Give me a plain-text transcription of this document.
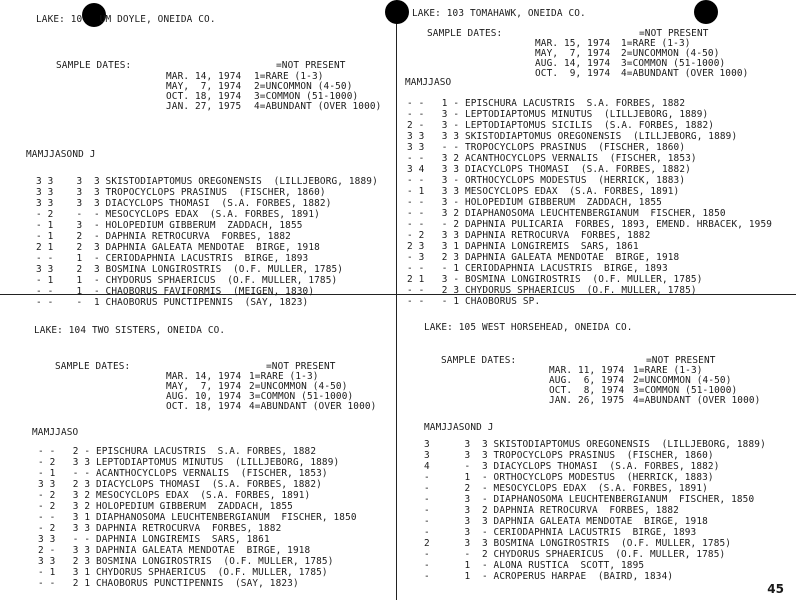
LAKE: 10   UM DOYLE, ONEIDA CO.
SAMPLE DATES:	=NOT PRESENT
MAR. 14, 1974 1=RARE (1-3)
MAY,  7, 1974 2=UNCOMMON (4-50)
OCT. 18, 1974 3=COMMON (51-1000)
JAN. 27, 1975 4=ABUNDANT (OVER 1000)
MAMJJASOND J
3 3    3  3 SKISTODIAPTOMUS OREGONENSIS  (LILLJEBORG, 1889)
3 3    3  3 TROPOCYCLOPS PRASINUS  (FISCHER, 1860)
3 3    3  3 DIACYCLOPS THOMASI  (S.A. FORBES, 1882)
- 2    -  - MESOCYCLOPS EDAX  (S.A. FORBES, 1891)
- 1    3  - HOLOPEDIUM GIBBERUM  ZADDACH, 1855
- 1    2  - DAPHNIA RETROCURVA  FORBES, 1882
2 1    2  3 DAPHNIA GALEATA MENDOTAE  BIRGE, 1918
- -    1  - CERIODAPHNIA LACUSTRIS  BIRGE, 1893
3 3    2  3 BOSMINA LONGIROSTRIS  (O.F. MULLER, 1785)
- 1    1  - CHYDORUS SPHAERICUS  (O.F. MULLER, 1785)
- -    1  - CHAOBORUS FAVIFORMIS  (MEIGEN, 1830)
- -    -  1 CHAOBORUS PUNCTIPENNIS  (SAY, 1823)
LAKE: 103 TOMAHAWK, ONEIDA CO.
SAMPLE DATES:	=NOT PRESENT
MAR. 15, 1974 1=RARE (1-3)
MAY,  7, 1974 2=UNCOMMON (4-50)
AUG. 14, 1974 3=COMMON (51-1000)
OCT.  9, 1974 4=ABUNDANT (OVER 1000)
MAMJJASO
- -   1 - EPISCHURA LACUSTRIS  S.A. FORBES, 1882
- -   3 - LEPTODIAPTOMUS MINUTUS  (LILLJEBORG, 1889)
2 -   3 - LEPTODIAPTOMUS SICILIS  (S.A. FORBES, 1882)
3 3   3 3 SKISTODIAPTOMUS OREGONENSIS  (LILLJEBORG, 1889)
3 3   - - TROPOCYCLOPS PRASINUS  (FISCHER, 1860)
- -   3 2 ACANTHOCYCLOPS VERNALIS  (FISCHER, 1853)
3 4   3 3 DIACYCLOPS THOMASI  (S.A. FORBES, 1882)
- -   3 - ORTHOCYCLOPS MODESTUS  (HERRICK, 1883)
- 1   3 3 MESOCYCLOPS EDAX  (S.A. FORBES, 1891)
- -   3 - HOLOPEDIUM GIBBERUM  ZADDACH, 1855
- -   3 2 DIAPHANOSOMA LEUCHTENBERGIANUM  FISCHER, 1850
- -   - 2 DAPHNIA PULICARIA  FORBES, 1893, EMEND. HRBACEK, 1959
- 2   3 3 DAPHNIA RETROCURVA  FORBES, 1882
2 3   3 1 DAPHNIA LONGIREMIS  SARS, 1861
- 3   2 3 DAPHNIA GALEATA MENDOTAE  BIRGE, 1918
- -   - 1 CERIODAPHNIA LACUSTRIS  BIRGE, 1893
2 1   3 - BOSMINA LONGIROSTRIS  (O.F. MULLER, 1785)
- -   2 3 CHYDORUS SPHAERICUS  (O.F. MULLER, 1785)
- -   - 1 CHAOBORUS SP.
LAKE: 104 TWO SISTERS, ONEIDA CO.
SAMPLE DATES:	=NOT PRESENT
MAR. 14, 1974 1=RARE (1-3)
MAY,  7, 1974 2=UNCOMMON (4-50)
AUG. 10, 1974 3=COMMON (51-1000)
OCT. 18, 1974 4=ABUNDANT (OVER 1000)
MAMJJASO
- -   2 - EPISCHURA LACUSTRIS  S.A. FORBES, 1882
- 2   3 3 LEPTODIAPTOMUS MINUTUS  (LILLJEBORG, 1889)
- 1   - - ACANTHOCYCLOPS VERNALIS  (FISCHER, 1853)
3 3   2 3 DIACYCLOPS THOMASI  (S.A. FORBES, 1882)
- 2   3 2 MESOCYCLOPS EDAX  (S.A. FORBES, 1891)
- 2   3 2 HOLOPEDIUM GIBBERUM  ZADDACH, 1855
- -   3 1 DIAPHANOSOMA LEUCHTENBERGIANUM  FISCHER, 1850
- 2   3 3 DAPHNIA RETROCURVA  FORBES, 1882
3 3   - - DAPHNIA LONGIREMIS  SARS, 1861
2 -   3 3 DAPHNIA GALEATA MENDOTAE  BIRGE, 1918
3 3   2 3 BOSMINA LONGIROSTRIS  (O.F. MULLER, 1785)
- 1   3 1 CHYDORUS SPHAERICUS  (O.F. MULLER, 1785)
- -   2 1 CHAOBORUS PUNCTIPENNIS  (SAY, 1823)
LAKE: 105 WEST HORSEHEAD, ONEIDA CO.
SAMPLE DATES:	=NOT PRESENT
MAR. 11, 1974 1=RARE (1-3)
AUG.  6, 1974 2=UNCOMMON (4-50)
OCT.  8, 1974 3=COMMON (51-1000)
JAN. 26, 1975 4=ABUNDANT (OVER 1000)
MAMJJASOND J
3      3  3 SKISTODIAPTOMUS OREGONENSIS  (LILLJEBORG, 1889)
3      3  3 TROPOCYCLOPS PRASINUS  (FISCHER, 1860)
4      -  3 DIACYCLOPS THOMASI  (S.A. FORBES, 1882)
-      1  - ORTHOCYCLOPS MODESTUS  (HERRICK, 1883)
-      2  - MESOCYCLOPS EDAX  (S.A. FORBES, 1891)
-      3  - DIAPHANOSOMA LEUCHTENBERGIANUM  FISCHER, 1850
-      3  2 DAPHNIA RETROCURVA  FORBES, 1882
-      3  3 DAPHNIA GALEATA MENDOTAE  BIRGE, 1918
-      3  - CERIODAPHNIA LACUSTRIS  BIRGE, 1893
2      3  3 BOSMINA LONGIROSTRIS  (O.F. MULLER, 1785)
-      -  2 CHYDORUS SPHAERICUS  (O.F. MULLER, 1785)
-      1  - ALONA RUSTICA  SCOTT, 1895
-      1  - ACROPERUS HARPAE  (BAIRD, 1834)
45
